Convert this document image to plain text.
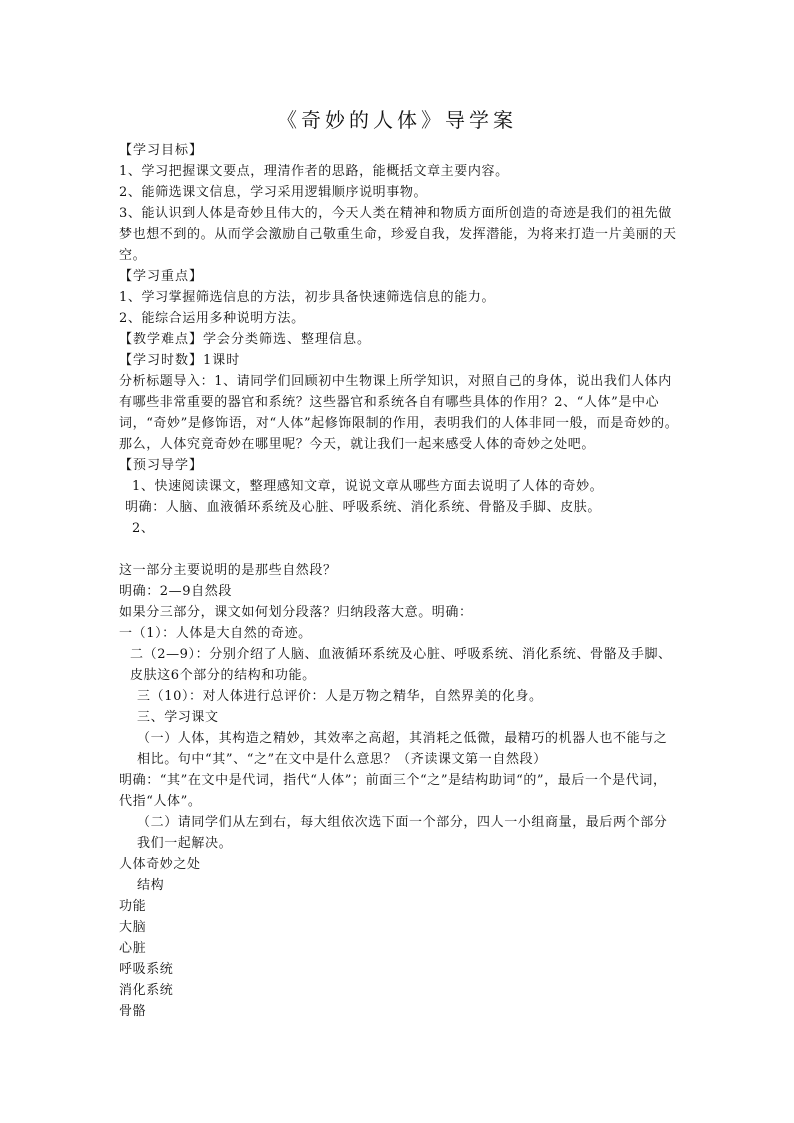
《奇妙的人体》导学案

【学习目标】

1、学习把握课文要点，理清作者的思路，能概括文章主要内容。

2、能筛选课文信息，学习采用逻辑顺序说明事物。

3、能认识到人体是奇妙且伟大的，今天人类在精神和物质方面所创造的奇迹是我们的祖先做梦也想不到的。从而学会激励自己敬重生命，珍爱自我，发挥潜能，为将来打造一片美丽的天空。

【学习重点】

1、学习掌握筛选信息的方法，初步具备快速筛选信息的能力。

2、能综合运用多种说明方法。

【教学难点】学会分类筛选、整理信息。

【学习时数】1课时

分析标题导入：1、请同学们回顾初中生物课上所学知识，对照自己的身体，说出我们人体内有哪些非常重要的器官和系统？这些器官和系统各自有哪些具体的作用？2、“人体”是中心词，“奇妙”是修饰语，对“人体”起修饰限制的作用，表明我们的人体非同一般，而是奇妙的。那么，人体究竟奇妙在哪里呢？今天，就让我们一起来感受人体的奇妙之处吧。

【预习导学】

1、快速阅读课文，整理感知文章，说说文章从哪些方面去说明了人体的奇妙。

明确：人脑、血液循环系统及心脏、呼吸系统、消化系统、骨骼及手脚、皮肤。

2、

这一部分主要说明的是那些自然段？

明确：2—9自然段

如果分三部分，课文如何划分段落？归纳段落大意。明确：

一（1）：人体是大自然的奇迹。

二（2—9）：分别介绍了人脑、血液循环系统及心脏、呼吸系统、消化系统、骨骼及手脚、皮肤这6个部分的结构和功能。

三（10）：对人体进行总评价：人是万物之精华，自然界美的化身。

三、学习课文

（一）人体，其构造之精妙，其效率之高超，其消耗之低微，最精巧的机器人也不能与之相比。句中“其”、“之”在文中是什么意思？（齐读课文第一自然段）

明确：“其”在文中是代词，指代“人体”；前面三个“之”是结构助词“的”，最后一个是代词，代指“人体”。

（二）请同学们从左到右，每大组依次选下面一个部分，四人一小组商量，最后两个部分我们一起解决。

人体奇妙之处

结构

功能

大脑

心脏

呼吸系统

消化系统

骨骼
